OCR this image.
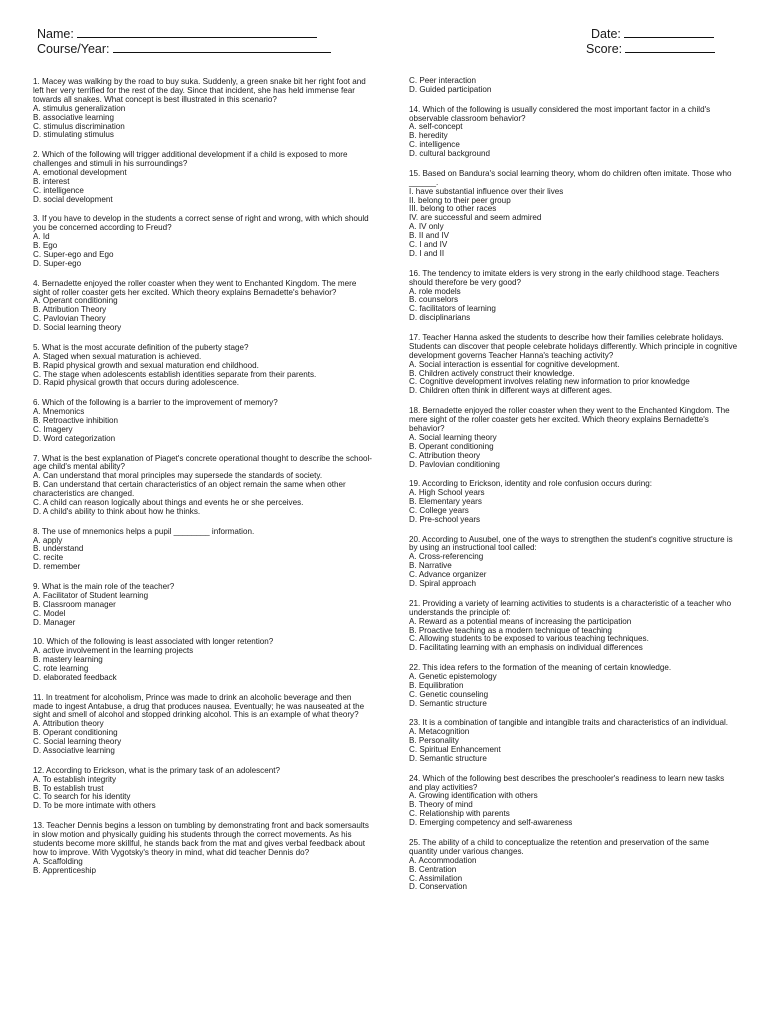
Name:
Course/Year:
Date:
Score:
1. Macey was walking by the road to buy suka. Suddenly, a green snake bit her right foot and left her very terrified for the rest of the day. Since that incident, she has held immense fear towards all snakes. What concept is best illustrated in this scenario?
A. stimulus generalization
B. associative learning
C. stimulus discrimination
D. stimulating stimulus
2. Which of the following will trigger additional development if a child is exposed to more challenges and stimuli in his surroundings?
A. emotional development
B. interest
C. intelligence
D. social development
3. If you have to develop in the students a correct sense of right and wrong, with which should you be concerned according to Freud?
A. Id
B. Ego
C. Super-ego and Ego
D. Super-ego
4. Bernadette enjoyed the roller coaster when they went to Enchanted Kingdom. The mere sight of roller coaster gets her excited. Which theory explains Bernadette's behavior?
A. Operant conditioning
B. Attribution Theory
C. Pavlovian Theory
D. Social learning theory
5. What is the most accurate definition of the puberty stage?
A. Staged when sexual maturation is achieved.
B. Rapid physical growth and sexual maturation end childhood.
C. The stage when adolescents establish identities separate from their parents.
D. Rapid physical growth that occurs during adolescence.
6. Which of the following is a barrier to the improvement of memory?
A. Mnemonics
B. Retroactive inhibition
C. Imagery
D. Word categorization
7. What is the best explanation of Piaget's concrete operational thought to describe the school-age child's mental ability?
A. Can understand that moral principles may supersede the standards of society.
B. Can understand that certain characteristics of an object remain the same when other characteristics are changed.
C. A child can reason logically about things and events he or she perceives.
D. A child's ability to think about how he thinks.
8. The use of mnemonics helps a pupil ________ information.
A. apply
B. understand
C. recite
D. remember
9. What is the main role of the teacher?
A. Facilitator of Student learning
B. Classroom manager
C. Model
D. Manager
10. Which of the following is least associated with longer retention?
A. active involvement in the learning projects
B. mastery learning
C. rote learning
D. elaborated feedback
11. In treatment for alcoholism, Prince was made to drink an alcoholic beverage and then made to ingest Antabuse, a drug that produces nausea. Eventually; he was nauseated at the sight and smell of alcohol and stopped drinking alcohol. This is an example of what theory?
A. Attribution theory
B. Operant conditioning
C. Social learning theory
D. Associative learning
12. According to Erickson, what is the primary task of an adolescent?
A. To establish integrity
B. To establish trust
C. To search for his identity
D. To be more intimate with others
13. Teacher Dennis begins a lesson on tumbling by demonstrating front and back somersaults in slow motion and physically guiding his students through the correct movements. As his students become more skillful, he stands back from the mat and gives verbal feedback about how to improve. With Vygotsky's theory in mind, what did teacher Dennis do?
A. Scaffolding
B. Apprenticeship
C. Peer interaction
D. Guided participation
14. Which of the following is usually considered the most important factor in a child's observable classroom behavior?
A. self-concept
B. heredity
C. intelligence
D. cultural background
15. Based on Bandura's social learning theory, whom do children often imitate. Those who ______.
I. have substantial influence over their lives
II. belong to their peer group
III. belong to other races
IV. are successful and seem admired
A. IV only
B. II and IV
C. I and IV
D. I and II
16. The tendency to imitate elders is very strong in the early childhood stage. Teachers should therefore be very good?
A. role models
B. counselors
C. facilitators of learning
D. disciplinarians
17. Teacher Hanna asked the students to describe how their families celebrate holidays. Students can discover that people celebrate holidays differently. Which principle in cognitive development governs Teacher Hanna's teaching activity?
A. Social interaction is essential for cognitive development.
B. Children actively construct their knowledge.
C. Cognitive development involves relating new information to prior knowledge
D. Children often think in different ways at different ages.
18. Bernadette enjoyed the roller coaster when they went to the Enchanted Kingdom. The mere sight of the roller coaster gets her excited. Which theory explains Bernadette's behavior?
A. Social learning theory
B. Operant conditioning
C. Attribution theory
D. Pavlovian conditioning
19. According to Erickson, identity and role confusion occurs during:
A. High School years
B. Elementary years
C. College years
D. Pre-school years
20. According to Ausubel, one of the ways to strengthen the student's cognitive structure is by using an instructional tool called:
A. Cross-referencing
B. Narrative
C. Advance organizer
D. Spiral approach
21. Providing a variety of learning activities to students is a characteristic of a teacher who understands the principle of:
A. Reward as a potential means of increasing the participation
B. Proactive teaching as a modern technique of teaching
C. Allowing students to be exposed to various teaching techniques.
D. Facilitating learning with an emphasis on individual differences
22. This idea refers to the formation of the meaning of certain knowledge.
A. Genetic epistemology
B. Equilibration
C. Genetic counseling
D. Semantic structure
23. It is a combination of tangible and intangible traits and characteristics of an individual.
A. Metacognition
B. Personality
C. Spiritual Enhancement
D. Semantic structure
24. Which of the following best describes the preschooler's readiness to learn new tasks and play activities?
A. Growing identification with others
B. Theory of mind
C. Relationship with parents
D. Emerging competency and self-awareness
25. The ability of a child to conceptualize the retention and preservation of the same quantity under various changes.
A. Accommodation
B. Centration
C. Assimilation
D. Conservation
